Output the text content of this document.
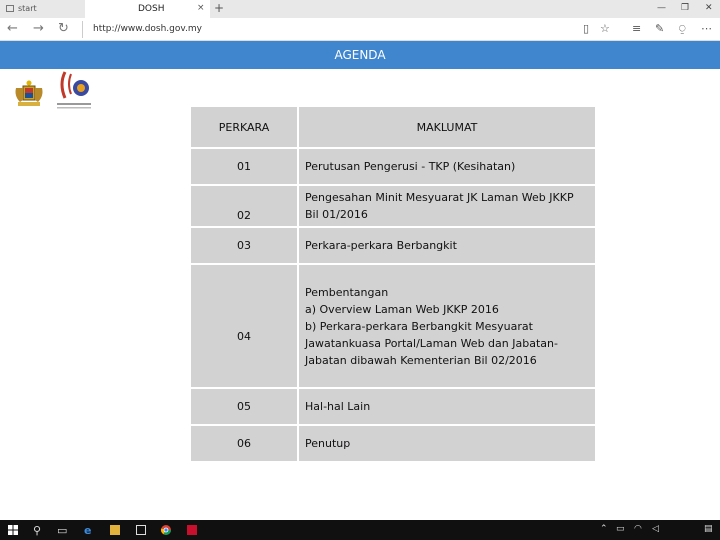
start	DOSH	× +	— ❐ ✕
← → ↻	http://www.dosh.gov.my	▯ ☆ ≡ ✎ ⍜ ⋯
AGENDA
PERKARA	MAKLUMAT
01	Perutusan Pengerusi - TKP (Kesihatan)
02	Pengesahan Minit Mesyuarat JK Laman Web JKKP Bil 01/2016
03	Perkara-perkara Berbangkit
04	Pembentangan
a) Overview Laman Web JKKP 2016
b) Perkara-perkara Berbangkit Mesyuarat Jawatankuasa Portal/Laman Web dan Jabatan-Jabatan dibawah Kementerian Bil 02/2016
05	Hal-hal Lain
06	Penutup
⚲ ▭ e	⌃ ▭ ◠ ◁	▤
